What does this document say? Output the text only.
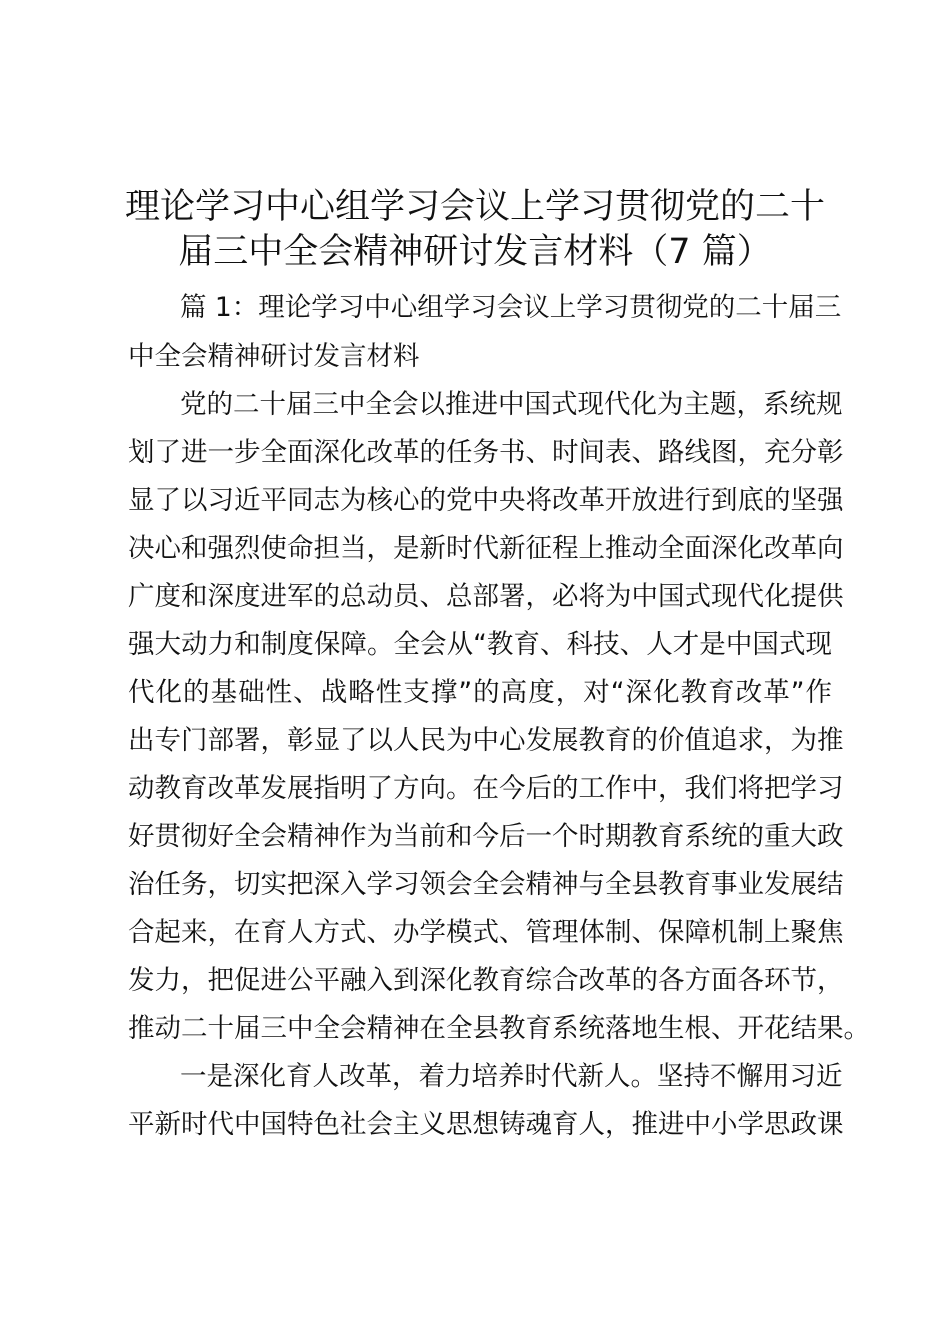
理论学习中心组学习会议上学习贯彻党的二十
届三中全会精神研讨发言材料（7 篇）
篇 1：理论学习中心组学习会议上学习贯彻党的二十届三
中全会精神研讨发言材料
党的二十届三中全会以推进中国式现代化为主题，系统规
划了进一步全面深化改革的任务书、时间表、路线图，充分彰
显了以习近平同志为核心的党中央将改革开放进行到底的坚强
决心和强烈使命担当，是新时代新征程上推动全面深化改革向
广度和深度进军的总动员、总部署，必将为中国式现代化提供
强大动力和制度保障。全会从“教育、科技、人才是中国式现
代化的基础性、战略性支撑”的高度，对“深化教育改革”作
出专门部署，彰显了以人民为中心发展教育的价值追求，为推
动教育改革发展指明了方向。在今后的工作中，我们将把学习
好贯彻好全会精神作为当前和今后一个时期教育系统的重大政
治任务，切实把深入学习领会全会精神与全县教育事业发展结
合起来，在育人方式、办学模式、管理体制、保障机制上聚焦
发力，把促进公平融入到深化教育综合改革的各方面各环节，
推动二十届三中全会精神在全县教育系统落地生根、开花结果。
一是深化育人改革，着力培养时代新人。坚持不懈用习近
平新时代中国特色社会主义思想铸魂育人，推进中小学思政课
